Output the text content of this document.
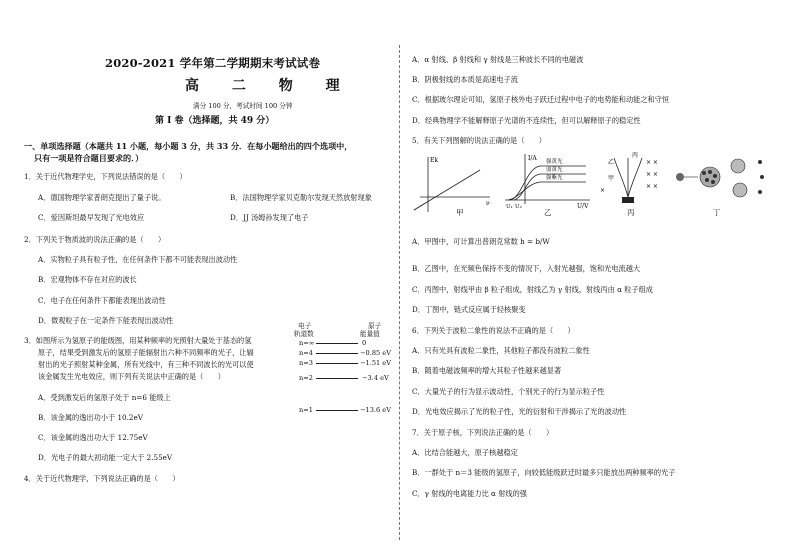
2020-2021 学年第二学期期末考试试卷
高 二 物 理
满分 100 分，考试时间 100 分钟
第 I 卷（选择题，共 49 分）
一、单项选择题（本题共 11 小题，每小题 3 分，共 33 分．在每小题给出的四个选项中，
只有一项是符合题目要求的．）
1．关于近代物理学史，下列说法错误的是（　　）
A．德国物理学家普朗克提出了量子说。	B．法国物理学家贝克勒尔发现天然放射现象
C．爱因斯坦最早发现了光电效应	D．JJ 汤姆孙发现了电子
2．下列关于物质波的说法正确的是（　　）
A．实物粒子具有粒子性，在任何条件下都不可能表现出波动性
B．宏观物体不存在对应的波长
C．电子在任何条件下都能表现出波动性
D．微观粒子在一定条件下能表现出波动性
3．如图所示为氢原子的能级图，用某种频率的光照射大量处于基态的氢
原子，结果受到激发后的氢原子能辐射出六种不同频率的光子，让辐
射出的光子照射某种金属，所有光线中，有三种不同波长的光可以使
该金属发生光电效应，则下列有关说法中正确的是（　　）
A．受到激发后的氢原子处于 n=6 能级上
B．该金属的逸出功小于 10.2eV
C．该金属的逸出功大于 12.75eV
D．光电子的最大初动能一定大于 2.55eV
4．关于近代物理学，下列说法正确的是（　　）
电子
轨道数
原子
能量值
n=∞	0
n=4	−0.85 eV
n=3	−1.51 eV
n=2	−3.4 eV
n=1	−13.6 eV
A．α 射线、β 射线和 γ 射线是三种波长不同的电磁波
B．阴极射线的本质是高速电子流
C．根据玻尔理论可知，氢原子核外电子跃迁过程中电子的电势能和动能之和守恒
D．经典物理学不能解释原子光谱的不连续性，但可以解释原子的稳定性
5．有关下列图解的说法正确的是（　　）
Ek
ν
I/A
U/V
U₁ U₂
强黄光
弱黄光
强紫光
乙
丙
甲
× ×
× ×
× ×
×
甲	乙	丙	丁
A．甲图中，可计算出普朗克常数 h = b/W
B．乙图中，在光频色保持不变的情况下，入射光越强，饱和光电流越大
C．丙图中，射线甲由 β 粒子组成，射线乙为 γ 射线，射线丙由 α 粒子组成
D．丁图中，链式反应属于轻核聚变
6．下列关于波粒二象性的说法不正确的是（　　）
A．只有光具有波粒二象性，其他粒子都没有波粒二象性
B．随着电磁波频率的增大其粒子性越来越显著
C．大量光子的行为显示波动性，个别光子的行为显示粒子性
D．光电效应揭示了光的粒子性，光的衍射和干涉揭示了光的波动性
7．关于原子核，下列说法正确的是（　　）
A．比结合能越大，原子核越稳定
B．一群处于 n＝3 能级的氢原子，向较低能级跃迁时最多只能放出两种频率的光子
C．γ 射线的电离能力比 α 射线的强
